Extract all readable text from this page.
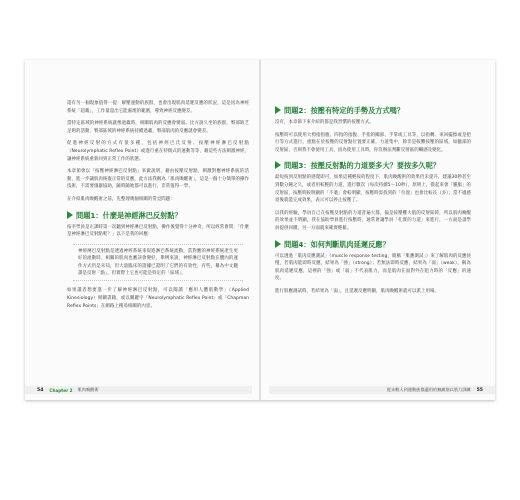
還有另一個現象值得一提：解壓運動的族群，也會出現肌肉延遲反應的狀況，這是因為神經系統「超載」，工作量超出它能處理的範圍，導致神經反應變差。

當特定區域的神經系統就像過載時，相關肌肉的反應會變弱。比方說久坐的族群，臀部缺乏足夠的活動，臀部區域的神經系統持續過載，臀部肌肉的反應就會變差。

促進神經反射的方式有很多種，包括神經巴氏反射、按壓神經淋巴反射點（Neurolymphatic Reflex Point）或進行重在特徵式的運動等等，藉這些方法刺激神經，讓神經系統重新回到正常工作的狀態。

本章節會以「按壓神經淋巴反射點」來做說明，藉由按壓反射點，刺激對應神經系統的活動，進一步讓肌肉恢復正常的反應，此方法我稱為「肌肉喚醒術」，這是一個十分簡單的操作技術，不需要儀器協助，隨時隨地都可以進行，非常值得一學。

在介紹肌肉喚醒術之前，先整理幾個相關的常見問題：

問題1：什麼是神經淋巴反射點？

按李學員是正課時第一次聽到神經淋巴反射點，操作後覺得十分神奇，所以經常會問：「什麼是神經淋巴反射點呢？」以下是我的回應：

神經淋巴反射點是透過神經系統來促進淋巴系統流動，當對應的神經系統產生更好的流動時，相關的肌肉也應該會變好，舉例來說，神經淋巴反射點在體內的運作方式仍是未知，但大量臨床的證據已證明了它們的有效性，有些，稱為中文翻譯是反射「點」，但實際上它也可能是特定的「區域」。

如果讀者想要進一步了解神經淋巴反射點，可以閱讀「應用人體肌動學」（Applied Kinesiology）相關書籍，或以關鍵字「Neurolymphatic Reflex Point」或「Chapman Reflex Points」在網路上搜尋相關的內容。

54 Chapter 2 肌肉喚醒術
問題2：按壓有特定的手勢及方式嗎？

沒有，本章節下來介紹的都是我習慣的按壓方式。

按壓時可以使用大拇指指腹、四指的指腹、手指的關節、手掌或工具等，以指轉、來回擺擦或是把行等方式進行，重點在於按壓的反射點位置要正確，力道集中，除非是較難按壓的區域，如髖部的反射區，否則我不會使用工具，因為使用工具時，你沒辦法判斷反射區的觸感及變化。

問題3：按壓反射點的力道要多大？要按多久呢？

最短按到反射點的感覺即可，如果這種輕按的程度下，肌肉喚醒術的效果仍未提升，建議30秒甚至到數分鐘之久，或者用較輕的力道，進行數次（每次持續5～10秒），原則上，摸起來會「腫脹」的反射區，按壓時較明顯的「不適」會較明顯，按壓時需找到的「位置」也會比較長（多）；當不適感退後就能完成效果，表示可以停止按壓了。

以我的經驗，學員自己在按壓反射點的力道普遍大都，偏是按壓難大肌的反射區時，所以肌肉喚醒的效果並不明顯，我在協助學員進行按壓時，通常會讓學員「扎實的力道」來進行，一方面是請學員提供回饋，另一方面就來確實輕鬆。

問題4：如何判斷肌肉延遲反應？

可以透過「肌肉反應測試」（muscle response testing，簡稱「肌應測試」）來了解肌肉的反應快慢，若肌肉能即時反應，結果為「強」（strong）；若無法即時反應，結果為「弱」（weak），稱為肌肉延遲反應，這裡的「強」或「弱」不代表肌力，而是肌肉在面對外在阻力時的「反應」的速度。

進行肌應測試時，若結果為「弱」，且延遲反應明顯，肌肉喚醒術就可以派上用場。

從未輕人到運動族都適用的無痛筋以肌力訓練 55
